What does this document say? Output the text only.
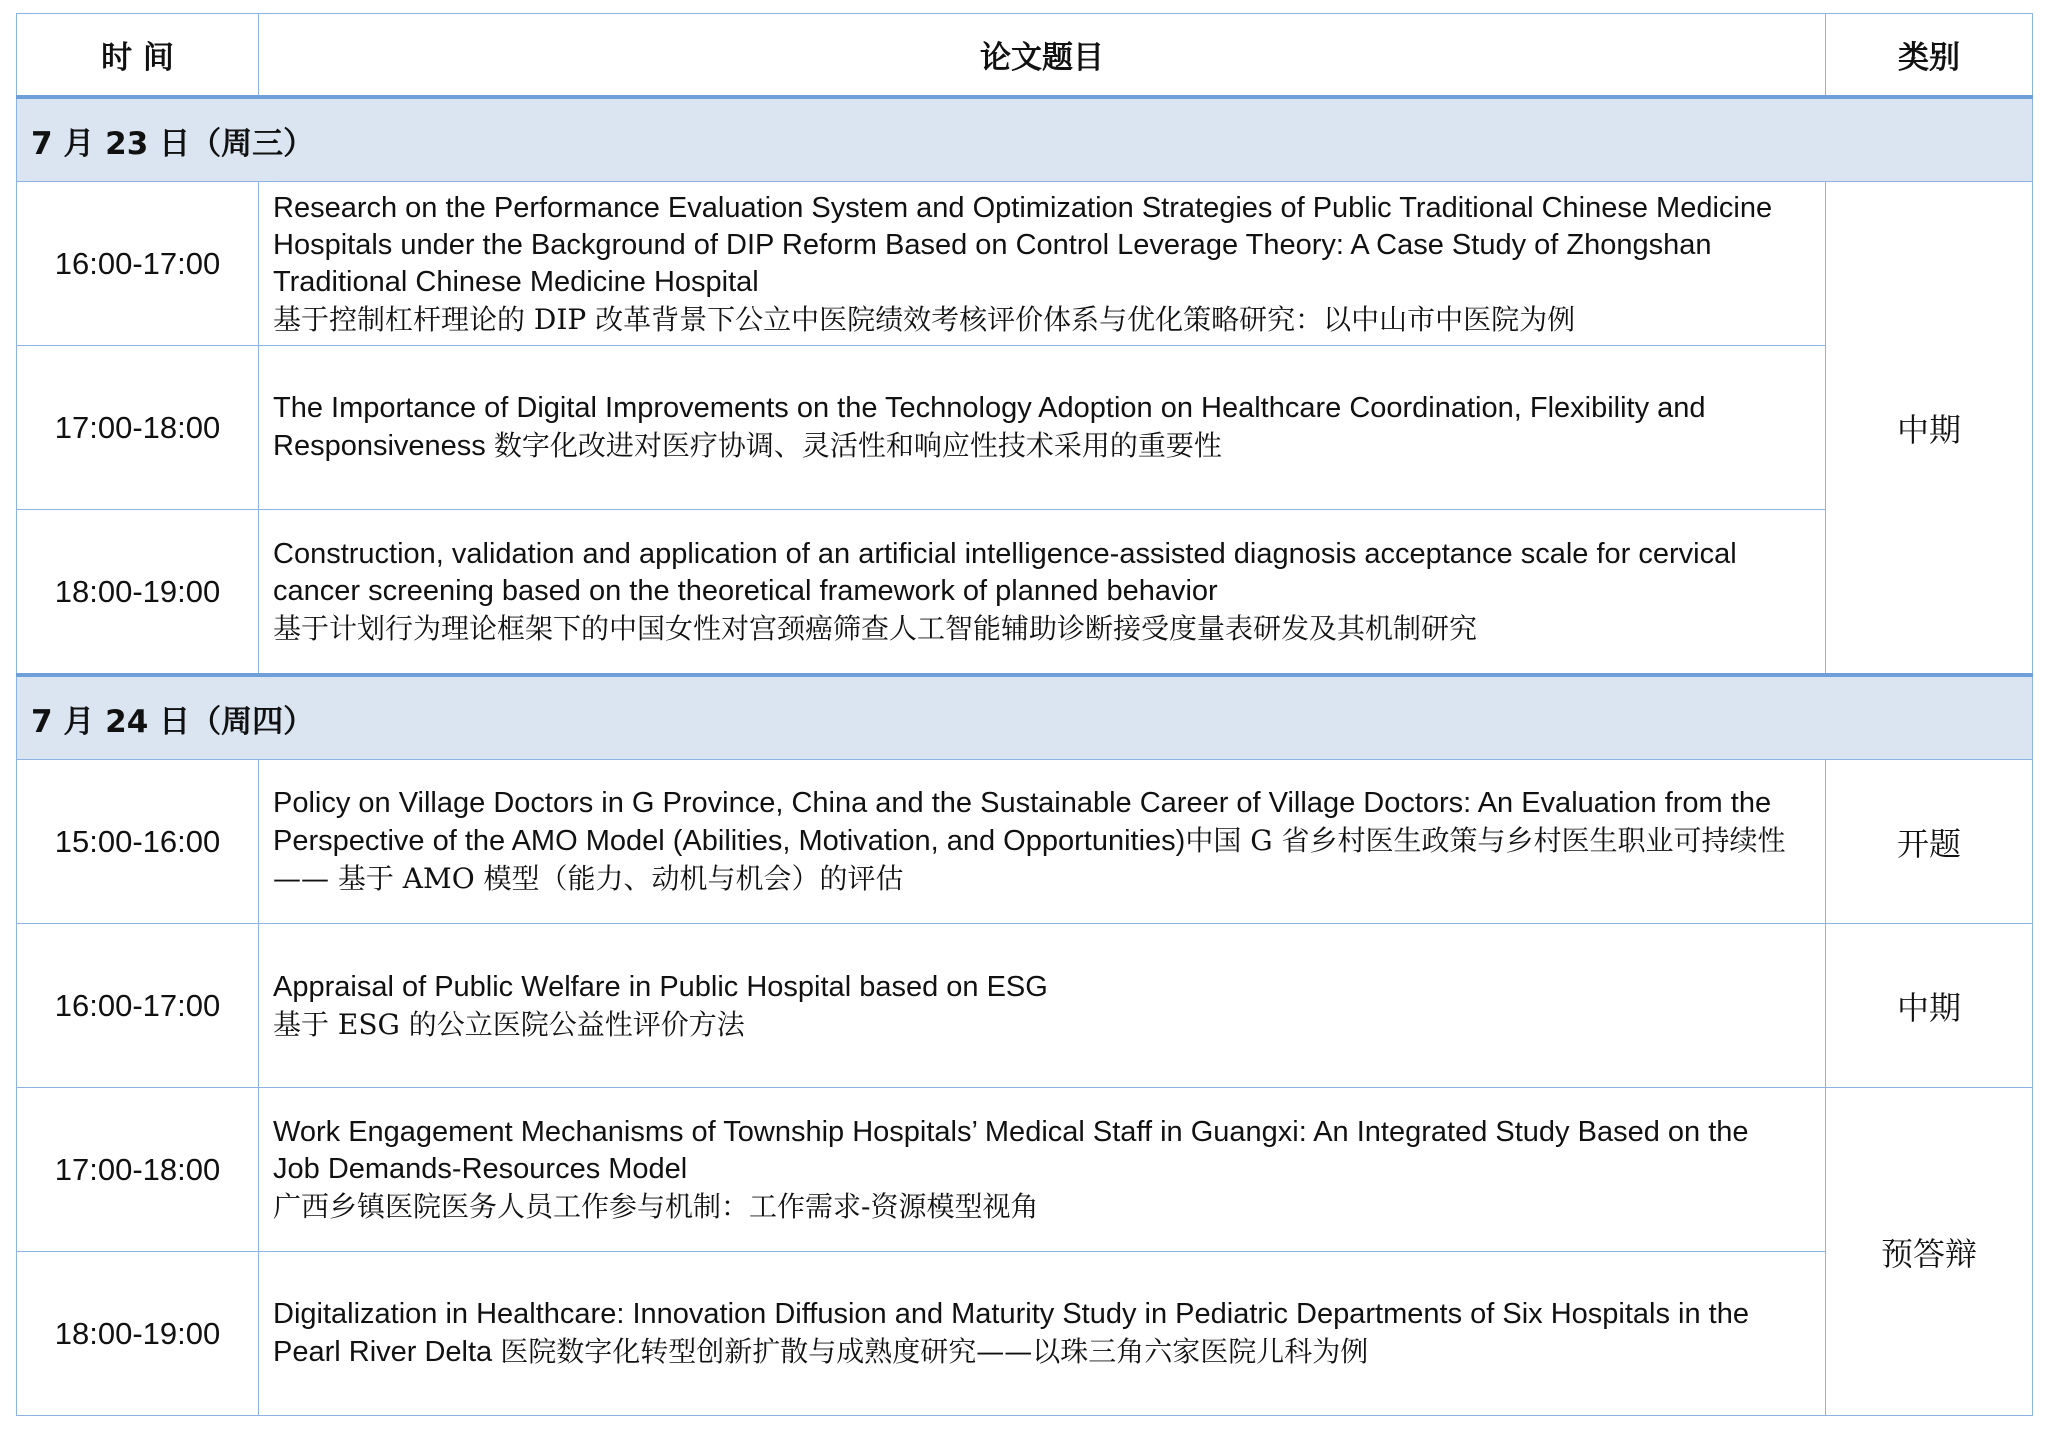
时 间	论文题目	类别
7 月 23 日（周三）		
16:00-17:00	Research on the Performance Evaluation System and Optimization Strategies of Public Traditional Chinese Medicine Hospitals under the Background of DIP Reform Based on Control Leverage Theory: A Case Study of Zhongshan Traditional Chinese Medicine Hospital
基于控制杠杆理论的 DIP 改革背景下公立中医院绩效考核评价体系与优化策略研究：以中山市中医院为例	中期
17:00-18:00	The Importance of Digital Improvements on the Technology Adoption on Healthcare Coordination, Flexibility and Responsiveness 数字化改进对医疗协调、灵活性和响应性技术采用的重要性	
18:00-19:00	Construction, validation and application of an artificial intelligence-assisted diagnosis acceptance scale for cervical cancer screening based on the theoretical framework of planned behavior
基于计划行为理论框架下的中国女性对宫颈癌筛查人工智能辅助诊断接受度量表研发及其机制研究	

7 月 24 日（周四）		
15:00-16:00	Policy on Village Doctors in G Province, China and the Sustainable Career of Village Doctors: An Evaluation from the Perspective of the AMO Model (Abilities, Motivation, and Opportunities)中国 G 省乡村医生政策与乡村医生职业可持续性 —— 基于 AMO 模型（能力、动机与机会）的评估	开题
16:00-17:00	Appraisal of Public Welfare in Public Hospital based on ESG
基于 ESG 的公立医院公益性评价方法	中期
17:00-18:00	Work Engagement Mechanisms of Township Hospitals’ Medical Staff in Guangxi: An Integrated Study Based on the Job Demands-Resources Model
广西乡镇医院医务人员工作参与机制：工作需求-资源模型视角	预答辩
18:00-19:00	Digitalization in Healthcare: Innovation Diffusion and Maturity Study in Pediatric Departments of Six Hospitals in the Pearl River Delta 医院数字化转型创新扩散与成熟度研究——以珠三角六家医院儿科为例	
